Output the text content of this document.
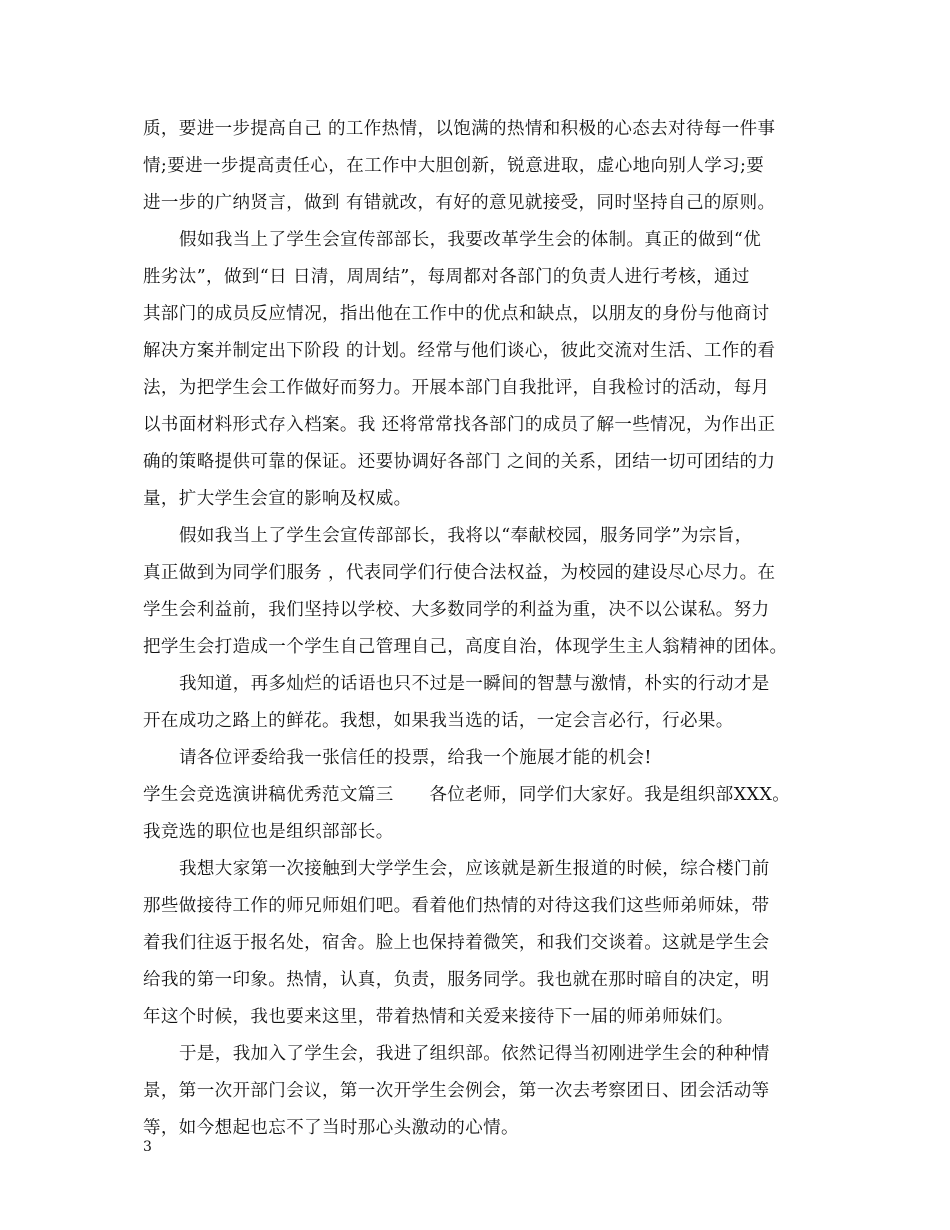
质，要进一步提高自己 的工作热情，以饱满的热情和积极的心态去对待每一件事
情;要进一步提高责任心，在工作中大胆创新，锐意进取，虚心地向别人学习;要
进一步的广纳贤言，做到 有错就改，有好的意见就接受，同时坚持自己的原则。
假如我当上了学生会宣传部部长，我要改革学生会的体制。真正的做到“优
胜劣汰”，做到“日 日清，周周结”，每周都对各部门的负责人进行考核，通过
其部门的成员反应情况，指出他在工作中的优点和缺点，以朋友的身份与他商讨
解决方案并制定出下阶段 的计划。经常与他们谈心，彼此交流对生活、工作的看
法，为把学生会工作做好而努力。开展本部门自我批评，自我检讨的活动，每月
以书面材料形式存入档案。我 还将常常找各部门的成员了解一些情况，为作出正
确的策略提供可靠的保证。还要协调好各部门 之间的关系，团结一切可团结的力
量，扩大学生会宣的影响及权威。
假如我当上了学生会宣传部部长，我将以“奉献校园，服务同学”为宗旨，
真正做到为同学们服务 ，代表同学们行使合法权益，为校园的建设尽心尽力。在
学生会利益前，我们坚持以学校、大多数同学的利益为重，决不以公谋私。努力
把学生会打造成一个学生自己管理自己，高度自治，体现学生主人翁精神的团体。
我知道，再多灿烂的话语也只不过是一瞬间的智慧与激情，朴实的行动才是
开在成功之路上的鲜花。我想，如果我当选的话，一定会言必行，行必果。
请各位评委给我一张信任的投票，给我一个施展才能的机会!
学生会竞选演讲稿优秀范文篇三　　各位老师，同学们大家好。我是组织部XXX。
我竞选的职位也是组织部部长。
我想大家第一次接触到大学学生会，应该就是新生报道的时候，综合楼门前
那些做接待工作的师兄师姐们吧。看着他们热情的对待这我们这些师弟师妹，带
着我们往返于报名处，宿舍。脸上也保持着微笑，和我们交谈着。这就是学生会
给我的第一印象。热情，认真，负责，服务同学。我也就在那时暗自的决定，明
年这个时候，我也要来这里，带着热情和关爱来接待下一届的师弟师妹们。
于是，我加入了学生会，我进了组织部。依然记得当初刚进学生会的种种情
景，第一次开部门会议，第一次开学生会例会，第一次去考察团日、团会活动等
等，如今想起也忘不了当时那心头激动的心情。
3
